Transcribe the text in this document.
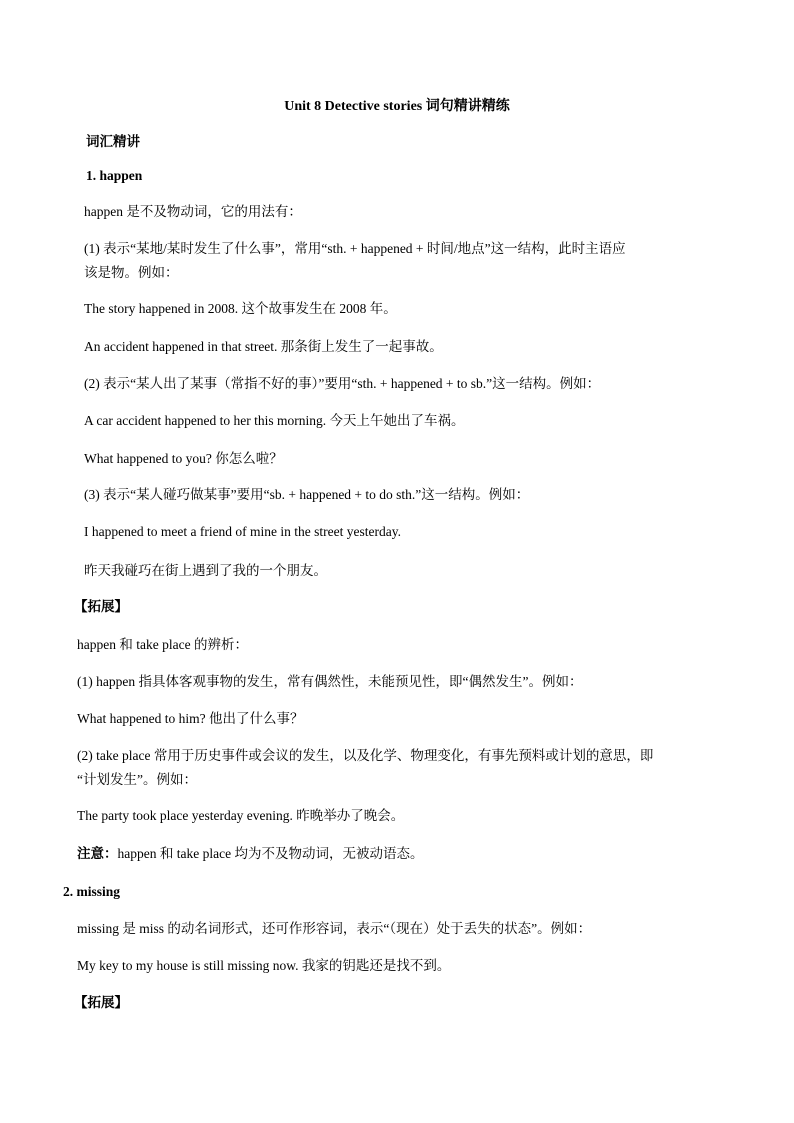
Unit 8 Detective stories 词句精讲精练
词汇精讲
1. happen
happen 是不及物动词，它的用法有：
(1) 表示“某地/某时发生了什么事”，常用“sth. + happened + 时间/地点”这一结构，此时主语应
该是物。例如：
The story happened in 2008. 这个故事发生在 2008 年。
An accident happened in that street. 那条街上发生了一起事故。
(2) 表示“某人出了某事（常指不好的事）”要用“sth. + happened + to sb.”这一结构。例如：
A car accident happened to her this morning. 今天上午她出了车祸。
What happened to you? 你怎么啦？
(3) 表示“某人碰巧做某事”要用“sb. + happened + to do sth.”这一结构。例如：
I happened to meet a friend of mine in the street yesterday.
昨天我碰巧在街上遇到了我的一个朋友。
【拓展】
happen 和 take place 的辨析：
(1) happen 指具体客观事物的发生，常有偶然性，未能预见性，即“偶然发生”。例如：
What happened to him? 他出了什么事？
(2) take place 常用于历史事件或会议的发生，以及化学、物理变化，有事先预料或计划的意思，即
“计划发生”。例如：
The party took place yesterday evening. 昨晚举办了晚会。
注意：happen 和 take place 均为不及物动词，无被动语态。
2. missing
missing 是 miss 的动名词形式，还可作形容词，表示“（现在）处于丢失的状态”。例如：
My key to my house is still missing now. 我家的钥匙还是找不到。
【拓展】
